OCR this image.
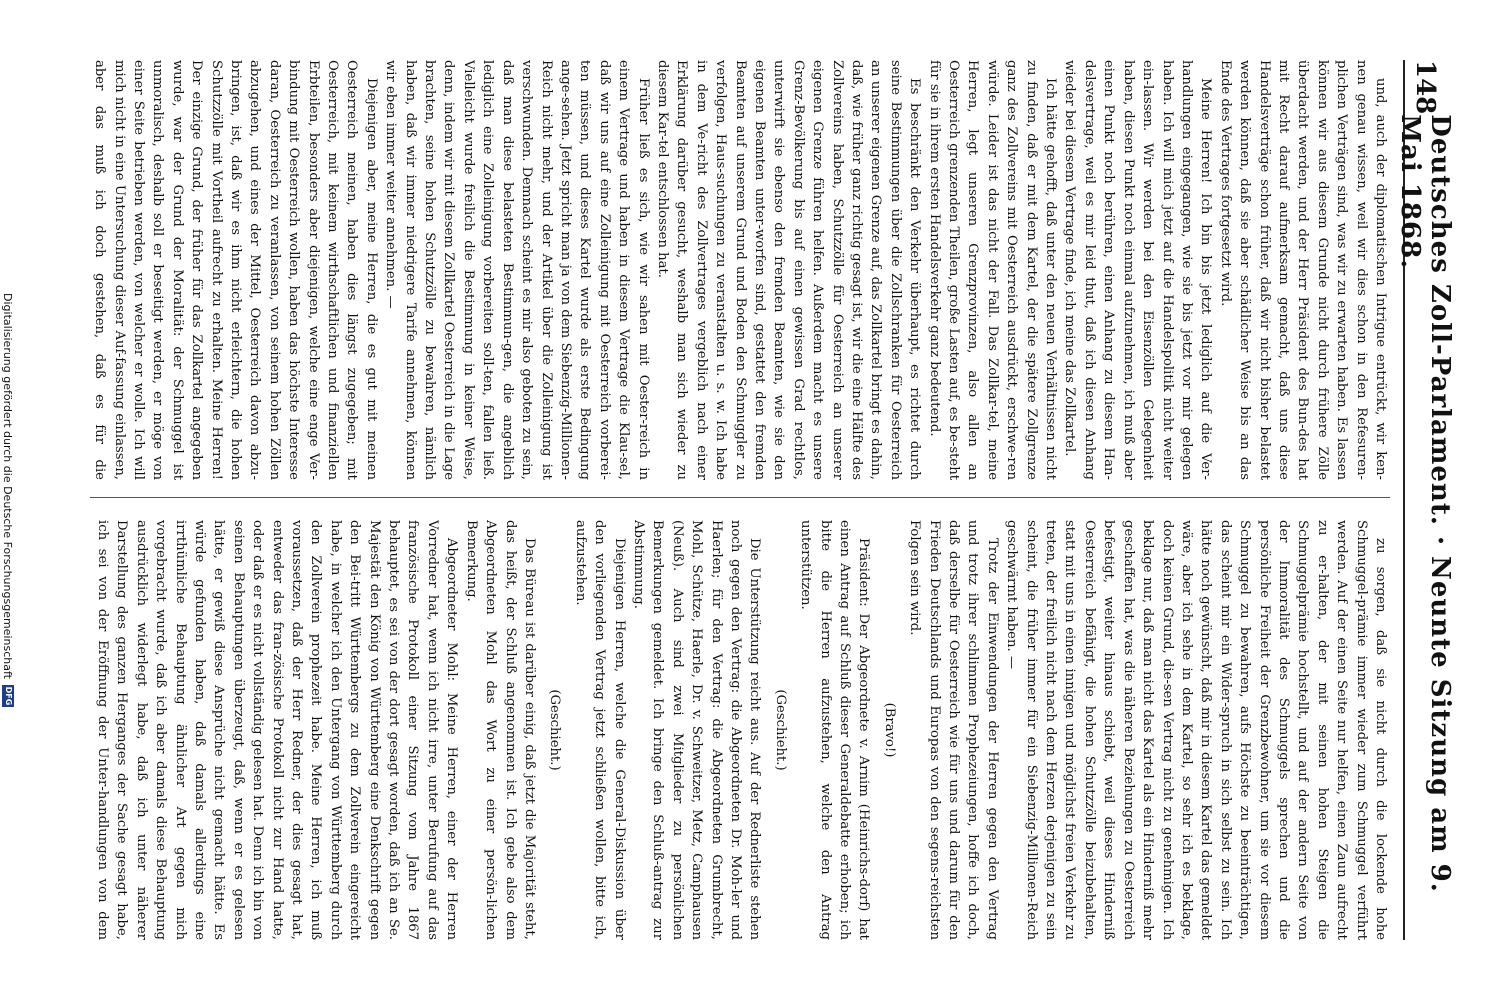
148
Deutsches Zoll-Parlament. · Neunte Sitzung am 9. Mai 1868.

und, auch der diplomatischen Intrigue entrückt, wir ken-nen genau wissen, weil wir dies schon in den Refesuren-plichen Verträgen sind, was wir zu erwarten haben. Es lassen können wir aus diesem Grunde nicht durch frühere Zölle überdacht werden, und der Herr Präsident des Bun-des hat mit Recht darauf aufmerksam gemacht, daß uns diese Handelsverträge schon früher, daß wir nicht bisher belastet werden können, daß sie aber schädlicher Weise bis an das Ende des Vertrages fortgesetzt wird.

Meine Herren! Ich bin bis jetzt lediglich auf die Ver-handlungen eingegangen, wie sie bis jetzt vor mir gelegen haben. Ich will mich jetzt auf die Handelspolitik nicht weiter ein-lassen. Wir werden bei den Eisenzöllen Gelegenheit haben, diesen Punkt noch einmal aufzunehmen, ich muß aber einen Punkt noch berühren, einen Anhang zu diesem Han-delsvertrage, weil es mir leid thut, daß ich diesen Anhang wieder bei diesem Vertrage finde, ich meine das Zollkartel.

Ich hätte gehofft, daß unter den neuen Verhältnissen nicht zu finden, daß er mit dem Kartel, der die spätere Zollgrenze ganz des Zollvereins mit Oesterreich ausdrückt, erschwe-ren würde. Leider ist das nicht der Fall. Das Zollkar-tel, meine Herren, legt unseren Grenzprovinzen, also allen an Oesterreich grenzenden Theilen, große Lasten auf, es be-steht für sie in ihrem ersten Handelsverkehr ganz bedeutend.

Es beschränkt den Verkehr überhaupt, es richtet durch seine Bestimmungen über die Zollschranken für Oesterreich an unserer eigenen Grenze auf, das Zollkartel bringt es dahin, daß, wie früher ganz richtig gesagt ist, wir die eine Hälfte des Zollvereins haben, Schutzzölle für Oesterreich an unserer eigenen Grenze führen helfen. Außerdem macht es unsere Grenz-Bevölkerung bis auf einen gewissen Grad rechtlos, unterwirft sie ebenso den fremden Beamten, wie sie den eigenen Beamten unter-worfen sind, gestattet den fremden Beamten auf unserem Grund und Boden den Schmuggler zu verfolgen, Haus-suchungen zu veranstalten u. s. w. Ich habe in dem Ve-richt des Zollvertrages vergeblich nach einer Erklärung darüber gesucht, weshalb man sich wieder zu diesem Kar-tel entschlossen hat.

Früher ließ es sich, wie wir sahen mit Oester-reich in einem Vertrage und haben in diesem Vertrage die Klau-sel, daß wir uns auf eine Zolleinigung mit Oesterreich vorberei-ten müssen, und dieses Kartel wurde als erste Bedingung ange-sehen. Jetzt spricht man ja von dem Siebenzig-Millionen-Reich nicht mehr, und der Artikel über die Zolleinigung ist verschwunden. Demnach scheint es mir also geboten zu sein, daß man diese belasteten Bestimmun-gen, die angeblich lediglich eine Zolleinigung vorbereiten soll-ten, fallen ließ. Vielleicht wurde freilich die Bestimmung in keiner Weise, denn, indem wir mit diesem Zollkartel Oesterreich in die Lage brachten, seine hohen Schutzzölle zu bewahren, nämlich haben, daß wir immer niedrigere Tarife annehmen, können wir eben immer weiter annehmen. —

Diejenigen aber, meine Herren, die es gut mit meinen Oesterreich meinen, haben dies längst zugegeben; mit Oesterreich, mit keinem wirthschaftlichen und finanziellen Erbteilen, besonders aber diejenigen, welche eine enge Ver-bindung mit Oesterreich wollen, haben das höchste Interesse daran, Oesterreich zu veranlassen, von seinem hohen Zöllen abzugehen, und eines der Mittel, Oesterreich davon abzu-bringen, ist, daß wir es ihm nicht erleichtern, die hohen Schutzzölle mit Vortheil aufrecht zu erhalten. Meine Herren! Der einzige Grund, der früher für das Zollkartel angegeben wurde, war der Grund der Moralität: der Schmuggel ist unmoralisch, deshalb soll er beseitigt werden, er möge von einer Seite betrieben werden, von welcher er wolle. Ich will mich nicht in eine Untersuchung dieser Auf-fassung einlassen, aber das muß ich doch gestehen, daß es für die

zu sorgen, daß sie nicht durch die lockende hohe Schmuggel-prämie immer wieder zum Schmuggel verführt werden. Auf der einen Seite nur helfen, einen Zaun aufrecht zu er-halten, der mit seinen hohen Steigen die Schmuggelprämie hochstellt, und auf der andern Seite von der Immoralität des Schmuggels sprechen und die persönliche Freiheit der Grenzbewohner, um sie vor diesem Schmuggel zu bewahren, aufs Höchste zu beeinträchtigen, das scheint mir ein Wider-spruch in sich selbst zu sein. Ich hätte noch gewünscht, daß mir in diesem Kartel das gemeldet wäre, aber ich sehe in dem Kartel, so sehr ich es beklage, doch keinen Grund, die-sen Vertrag nicht zu genehmigen. Ich beklage nur, daß man nicht das Kartel als ein Hinderniß mehr geschaffen hat, was die näheren Beziehungen zu Oesterreich befestigt, weiter hinaus schiebt, weil dieses Hinderniß Oesterreich befähigt, die hohen Schutzzölle beizubehalten, statt mit uns in einen innigen und möglichst freien Verkehr zu treten, der freilich nicht nach dem Herzen derjenigen zu sein scheint, die früher immer für ein Siebenzig-Millionen-Reich geschwärmt haben. —

Trotz der Einwendungen der Herren gegen den Vertrag und trotz ihrer schlimmen Prophezeiungen, hoffe ich doch, daß derselbe für Oesterreich wie für uns und darum für den Frieden Deutschlands und Europas von den segens-reichsten Folgen sein wird.

(Bravo!)

Präsident: Der Abgeordnete v. Arnim (Heinrichs-dorf) hat einen Antrag auf Schluß dieser Generaldebatte erhoben; ich bitte die Herren aufzustehen, welche den Antrag unterstützen.

(Geschieht.)

Die Unterstützung reicht aus. Auf der Rednerliste stehen noch gegen den Vertrag: die Abgeordneten Dr. Moh-ler und Haerlen; für den Vertrag: die Abgeordneten Grumbrecht, Mohl, Schütze, Haerle, Dr. v. Schweitzer, Metz, Camphausen (Neuß). Auch sind zwei Mitglieder zu persönlichen Bemerkungen gemeldet. Ich bringe den Schluß-antrag zur Abstimmung.

Diejenigen Herren, welche die General-Diskussion über den vorliegenden Vertrag jetzt schließen wollen, bitte ich, aufzustehen.

(Geschieht.)

Das Büreau ist darüber einig, daß jetzt die Majorität steht, das heißt, der Schluß angenommen ist. Ich gebe also dem Abgeordneten Mohl das Wort zu einer persön-lichen Bemerkung.

Abgeordneter Mohl: Meine Herren, einer der Herren Vorredner hat, wenn ich nicht irre, unter Berufung auf das französische Protokoll einer Sitzung vom Jahre 1867 behauptet, es sei von der dort gesagt worden, daß ich an Se. Majestät den König von Württemberg eine Denkschrift gegen den Bei-tritt Württembergs zu dem Zollverein eingereicht habe, in welcher ich den Untergang von Württemberg durch den Zollverein prophezeit habe. Meine Herren, ich muß voraussetzen, daß der Herr Redner, der dies gesagt hat, entweder das fran-zösische Protokoll nicht zur Hand hatte, oder daß er es nicht vollständig gelesen hat. Denn ich bin von seinen Behauptungen überzeugt, daß, wenn er es gelesen hätte, er gewiß diese Ansprüche nicht gemacht hätte. Es würde gefunden haben, daß damals allerdings eine irrthümliche Behauptung ähnlicher Art gegen mich vorgebracht wurde, daß ich aber damals diese Behauptung ausdrücklich widerlegt habe, daß ich unter näherer Darstellung des ganzen Herganges der Sache gesagt habe, ich sei von der Eröffnung der Unter-handlungen von dem

Digitalisierung gefördert durch die Deutsche Forschungsgemeinschaft
DFG
